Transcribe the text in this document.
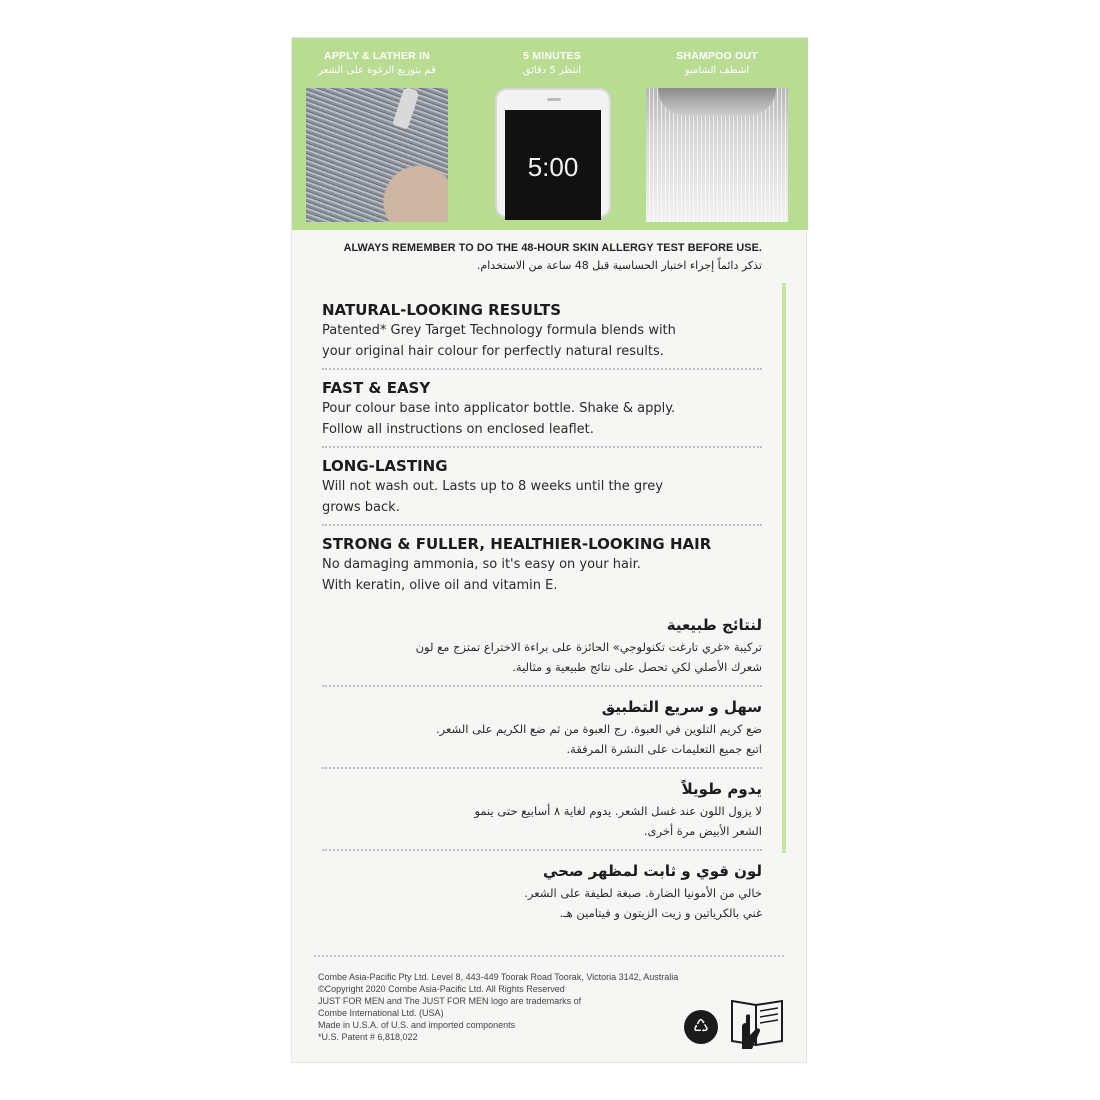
APPLY & LATHER IN
قم بتوزيع الرغوة على الشعر
5 MINUTES
انتظر 5 دقائق
5:00
SHAMPOO OUT
اشطف الشامبو
ALWAYS REMEMBER TO DO THE 48-HOUR SKIN ALLERGY TEST BEFORE USE.
تذكر دائماً إجراء اختبار الحساسية قبل 48 ساعة من الاستخدام.
NATURAL-LOOKING RESULTS
Patented* Grey Target Technology formula blends with
your original hair colour for perfectly natural results.
FAST & EASY
Pour colour base into applicator bottle. Shake & apply.
Follow all instructions on enclosed leaflet.
LONG-LASTING
Will not wash out. Lasts up to 8 weeks until the grey
grows back.
STRONG & FULLER, HEALTHIER-LOOKING HAIR
No damaging ammonia, so it's easy on your hair.
With keratin, olive oil and vitamin E.
لنتائج طبيعية
تركيبة «غري تارغت تكنولوجي» الحائزة على براءة الاختراع تمتزج مع لون
شعرك الأصلي لكي تحصل على نتائج طبيعية و مثالية.
سهل و سريع التطبيق
ضع كريم التلوين في العبوة. رج العبوة من ثم ضع الكريم على الشعر.
اتبع جميع التعليمات على النشرة المرفقة.
يدوم طويلاً
لا يزول اللون عند غسل الشعر. يدوم لغاية ٨ أسابيع حتى ينمو
الشعر الأبيض مرة أخرى.
لون قوي و ثابت لمظهر صحي
خالي من الأمونيا الضارة. صبغة لطيفة على الشعر.
غني بالكرياتين و زيت الزيتون و فيتامين هـ.
Combe Asia-Pacific Pty Ltd. Level 8, 443-449 Toorak Road Toorak, Victoria 3142, Australia
©Copyright 2020 Combe Asia-Pacific Ltd. All Rights Reserved
JUST FOR MEN and The JUST FOR MEN logo are trademarks of
Combe International Ltd. (USA)
Made in U.S.A. of U.S. and imported components
*U.S. Patent # 6,818,022	♺
